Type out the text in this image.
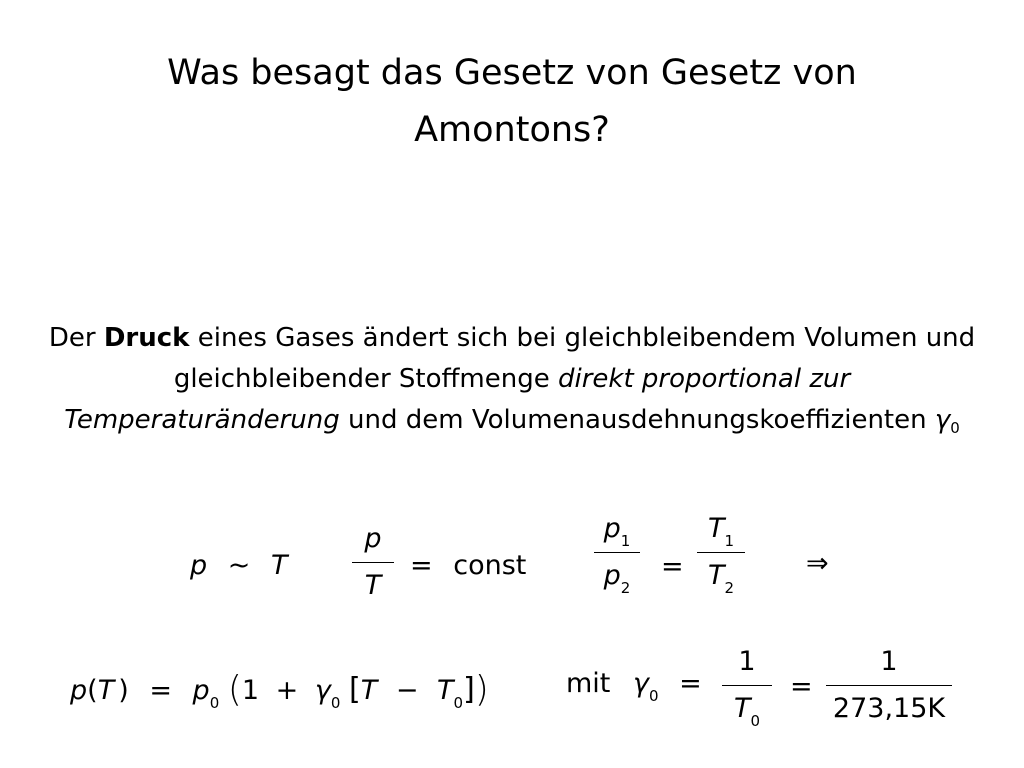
Was besagt das Gesetz von Gesetz von Amontons?
Der Druck eines Gases ändert sich bei gleichbleibendem Volumen und gleichbleibender Stoffmenge direkt proportional zur Temperaturänderung und dem Volumenausdehnungskoeffizienten $\gamma_0$
p ~ T
p
T
= const
$p_1$
$p_2$
=
$T_1$
$T_2$
⇒
p(T ) = $p_0$ ($1 + \gamma_0$ $[T - T_0]$)	mit $\gamma_0$ =
1
$T_0$
=
1
273,15K
